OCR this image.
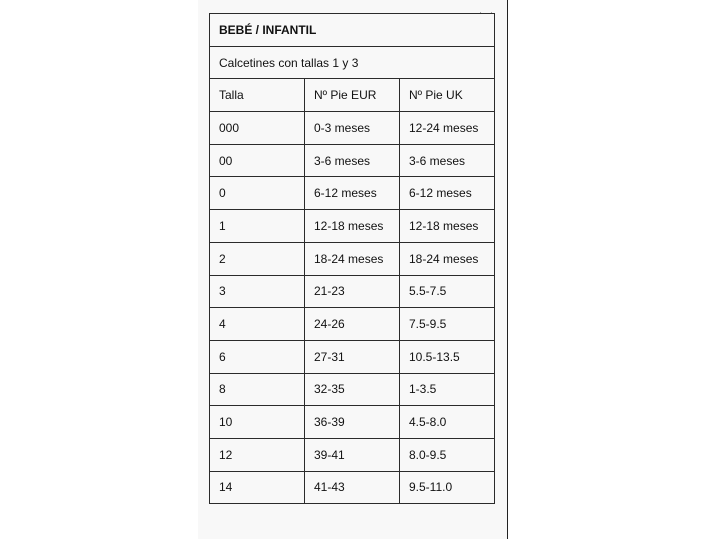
BEBÉ / INFANTIL		
Calcetines con tallas 1 y 3		
Talla	Nº Pie EUR	Nº Pie UK
000	0-3 meses	12-24 meses
00	3-6 meses	3-6 meses
0	6-12 meses	6-12 meses
1	12-18 meses	12-18 meses
2	18-24 meses	18-24 meses
3	21-23	5.5-7.5
4	24-26	7.5-9.5
6	27-31	10.5-13.5
8	32-35	1-3.5
10	36-39	4.5-8.0
12	39-41	8.0-9.5
14	41-43	9.5-11.0
